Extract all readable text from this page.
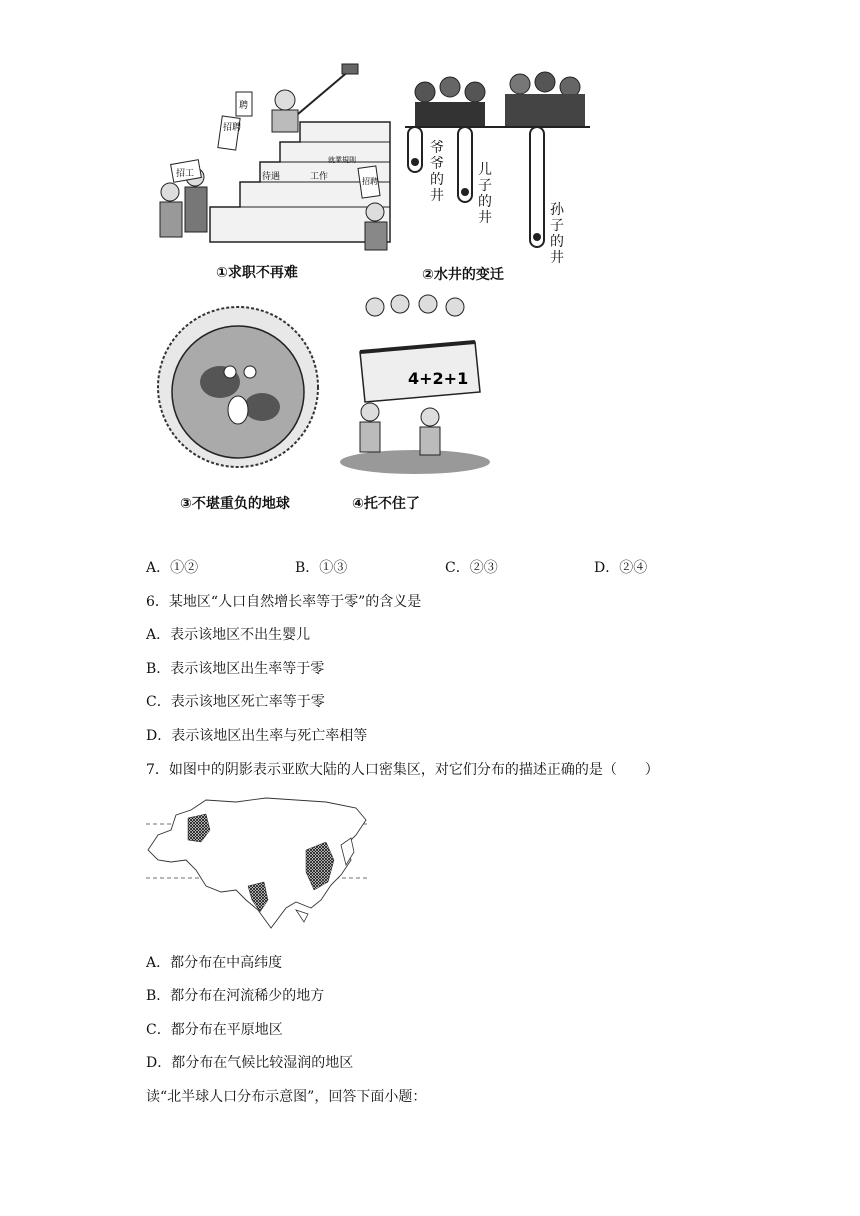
招工
招聘
聘
待遇	工作	招聘
就業規則
①求职不再难
爷爷的井
儿子的井	孙子的井
②水井的变迁
③不堪重负的地球
4+2+1
④托不住了
A．①②	B．①③	C．②③	D．②④
6．某地区“人口自然增长率等于零”的含义是
A．表示该地区不出生婴儿
B．表示该地区出生率等于零
C．表示该地区死亡率等于零
D．表示该地区出生率与死亡率相等
7．如图中的阴影表示亚欧大陆的人口密集区，对它们分布的描述正确的是（　　）
A．都分布在中高纬度
B．都分布在河流稀少的地方
C．都分布在平原地区
D．都分布在气候比较湿润的地区
读“北半球人口分布示意图”，回答下面小题：
